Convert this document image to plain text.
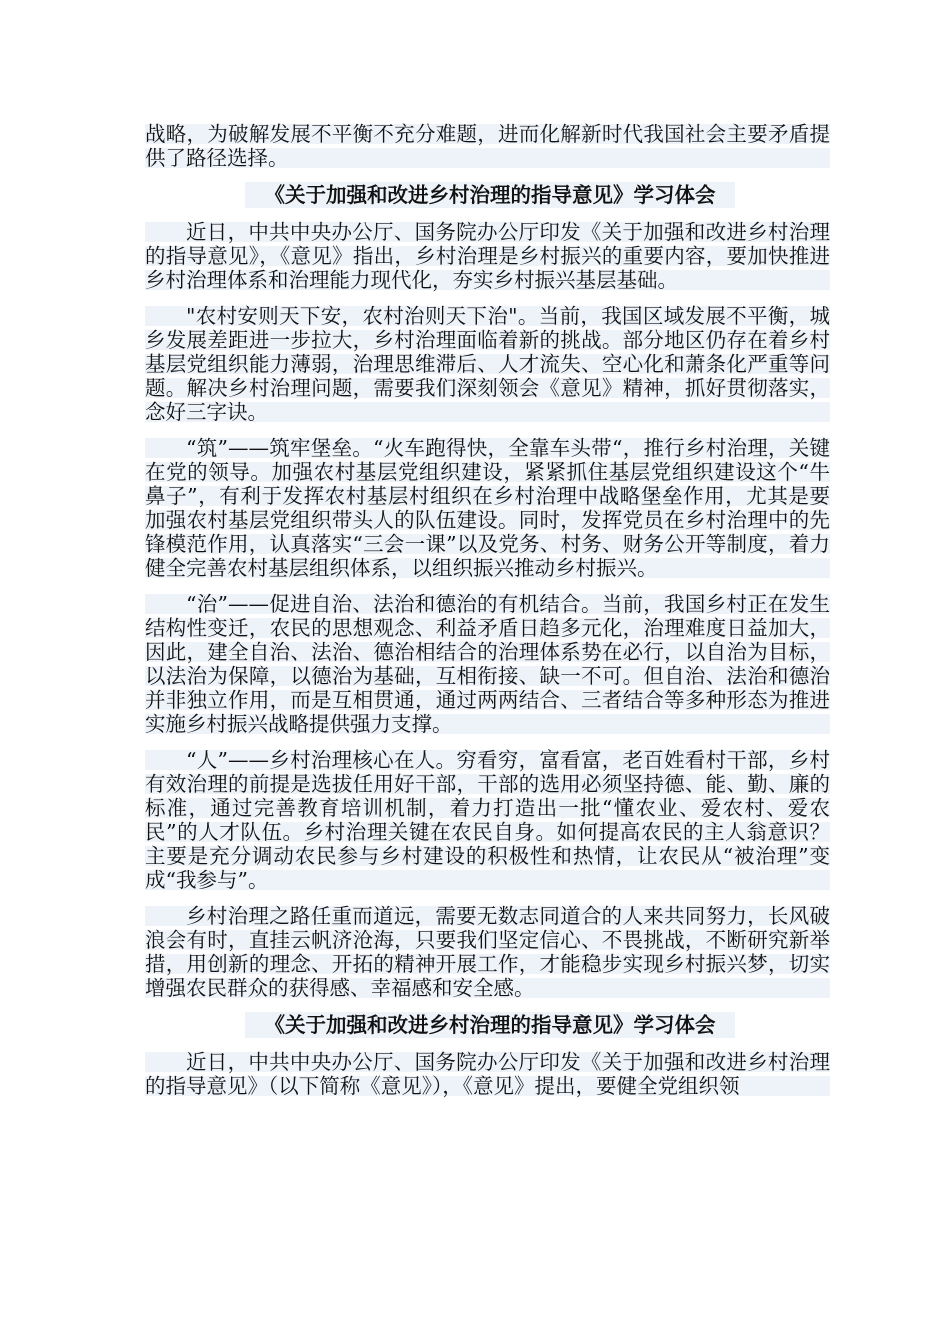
战略，为破解发展不平衡不充分难题，进而化解新时代我国社会主要矛盾提供了路径选择。

《关于加强和改进乡村治理的指导意见》学习体会

近日，中共中央办公厅、国务院办公厅印发《关于加强和改进乡村治理的指导意见》，《意见》指出，乡村治理是乡村振兴的重要内容，要加快推进乡村治理体系和治理能力现代化，夯实乡村振兴基层基础。

"农村安则天下安，农村治则天下治"。当前，我国区域发展不平衡，城乡发展差距进一步拉大，乡村治理面临着新的挑战。部分地区仍存在着乡村基层党组织能力薄弱，治理思维滞后、人才流失、空心化和萧条化严重等问题。解决乡村治理问题，需要我们深刻领会《意见》精神，抓好贯彻落实，念好三字诀。

“筑”——筑牢堡垒。“火车跑得快，全靠车头带“，推行乡村治理，关键在党的领导。加强农村基层党组织建设，紧紧抓住基层党组织建设这个“牛鼻子”，有利于发挥农村基层村组织在乡村治理中战略堡垒作用，尤其是要加强农村基层党组织带头人的队伍建设。同时，发挥党员在乡村治理中的先锋模范作用，认真落实“三会一课”以及党务、村务、财务公开等制度，着力健全完善农村基层组织体系，以组织振兴推动乡村振兴。

“治”——促进自治、法治和德治的有机结合。当前，我国乡村正在发生结构性变迁，农民的思想观念、利益矛盾日趋多元化，治理难度日益加大，因此，建全自治、法治、德治相结合的治理体系势在必行，以自治为目标，以法治为保障，以德治为基础，互相衔接、缺一不可。但自治、法治和德治并非独立作用，而是互相贯通，通过两两结合、三者结合等多种形态为推进实施乡村振兴战略提供强力支撑。

“人”——乡村治理核心在人。穷看穷，富看富，老百姓看村干部，乡村有效治理的前提是选拔任用好干部，干部的选用必须坚持德、能、勤、廉的标准，通过完善教育培训机制，着力打造出一批“懂农业、爱农村、爱农民”的人才队伍。乡村治理关键在农民自身。如何提高农民的主人翁意识？主要是充分调动农民参与乡村建设的积极性和热情，让农民从“被治理”变成“我参与”。

乡村治理之路任重而道远，需要无数志同道合的人来共同努力，长风破浪会有时，直挂云帆济沧海，只要我们坚定信心、不畏挑战，不断研究新举措，用创新的理念、开拓的精神开展工作，才能稳步实现乡村振兴梦，切实增强农民群众的获得感、幸福感和安全感。

《关于加强和改进乡村治理的指导意见》学习体会

近日，中共中央办公厅、国务院办公厅印发《关于加强和改进乡村治理的指导意见》（以下简称《意见》），《意见》提出，要健全党组织领
